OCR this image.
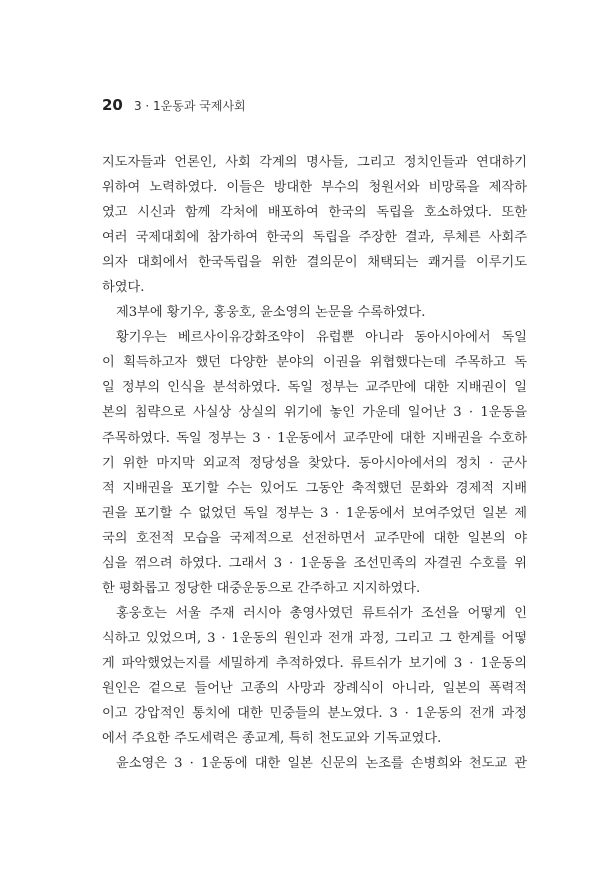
20 3 · 1운동과 국제사회
지도자들과 언론인, 사회 각계의 명사들, 그리고 정치인들과 연대하기
위하여 노력하였다. 이들은 방대한 부수의 청원서와 비망록을 제작하
였고 시신과 함께 각처에 배포하여 한국의 독립을 호소하였다. 또한
여러 국제대회에 참가하여 한국의 독립을 주장한 결과, 루체른 사회주
의자 대회에서 한국독립을 위한 결의문이 채택되는 쾌거를 이루기도
하였다.
제3부에 황기우, 홍웅호, 윤소영의 논문을 수록하였다.
황기우는 베르사이유강화조약이 유럽뿐 아니라 동아시아에서 독일
이 획득하고자 했던 다양한 분야의 이권을 위협했다는데 주목하고 독
일 정부의 인식을 분석하였다. 독일 정부는 교주만에 대한 지배권이 일
본의 침략으로 사실상 상실의 위기에 놓인 가운데 일어난 3 · 1운동을
주목하였다. 독일 정부는 3 · 1운동에서 교주만에 대한 지배권을 수호하
기 위한 마지막 외교적 정당성을 찾았다. 동아시아에서의 정치 · 군사
적 지배권을 포기할 수는 있어도 그동안 축적했던 문화와 경제적 지배
권을 포기할 수 없었던 독일 정부는 3 · 1운동에서 보여주었던 일본 제
국의 호전적 모습을 국제적으로 선전하면서 교주만에 대한 일본의 야
심을 꺾으려 하였다. 그래서 3 · 1운동을 조선민족의 자결권 수호를 위
한 평화롭고 정당한 대중운동으로 간주하고 지지하였다.
홍웅호는 서울 주재 러시아 총영사였던 류트쉬가 조선을 어떻게 인
식하고 있었으며, 3 · 1운동의 원인과 전개 과정, 그리고 그 한계를 어떻
게 파악했었는지를 세밀하게 추적하였다. 류트쉬가 보기에 3 · 1운동의
원인은 겉으로 들어난 고종의 사망과 장례식이 아니라, 일본의 폭력적
이고 강압적인 통치에 대한 민중들의 분노였다. 3 · 1운동의 전개 과정
에서 주요한 주도세력은 종교계, 특히 천도교와 기독교였다.
윤소영은 3 · 1운동에 대한 일본 신문의 논조를 손병희와 천도교 관
